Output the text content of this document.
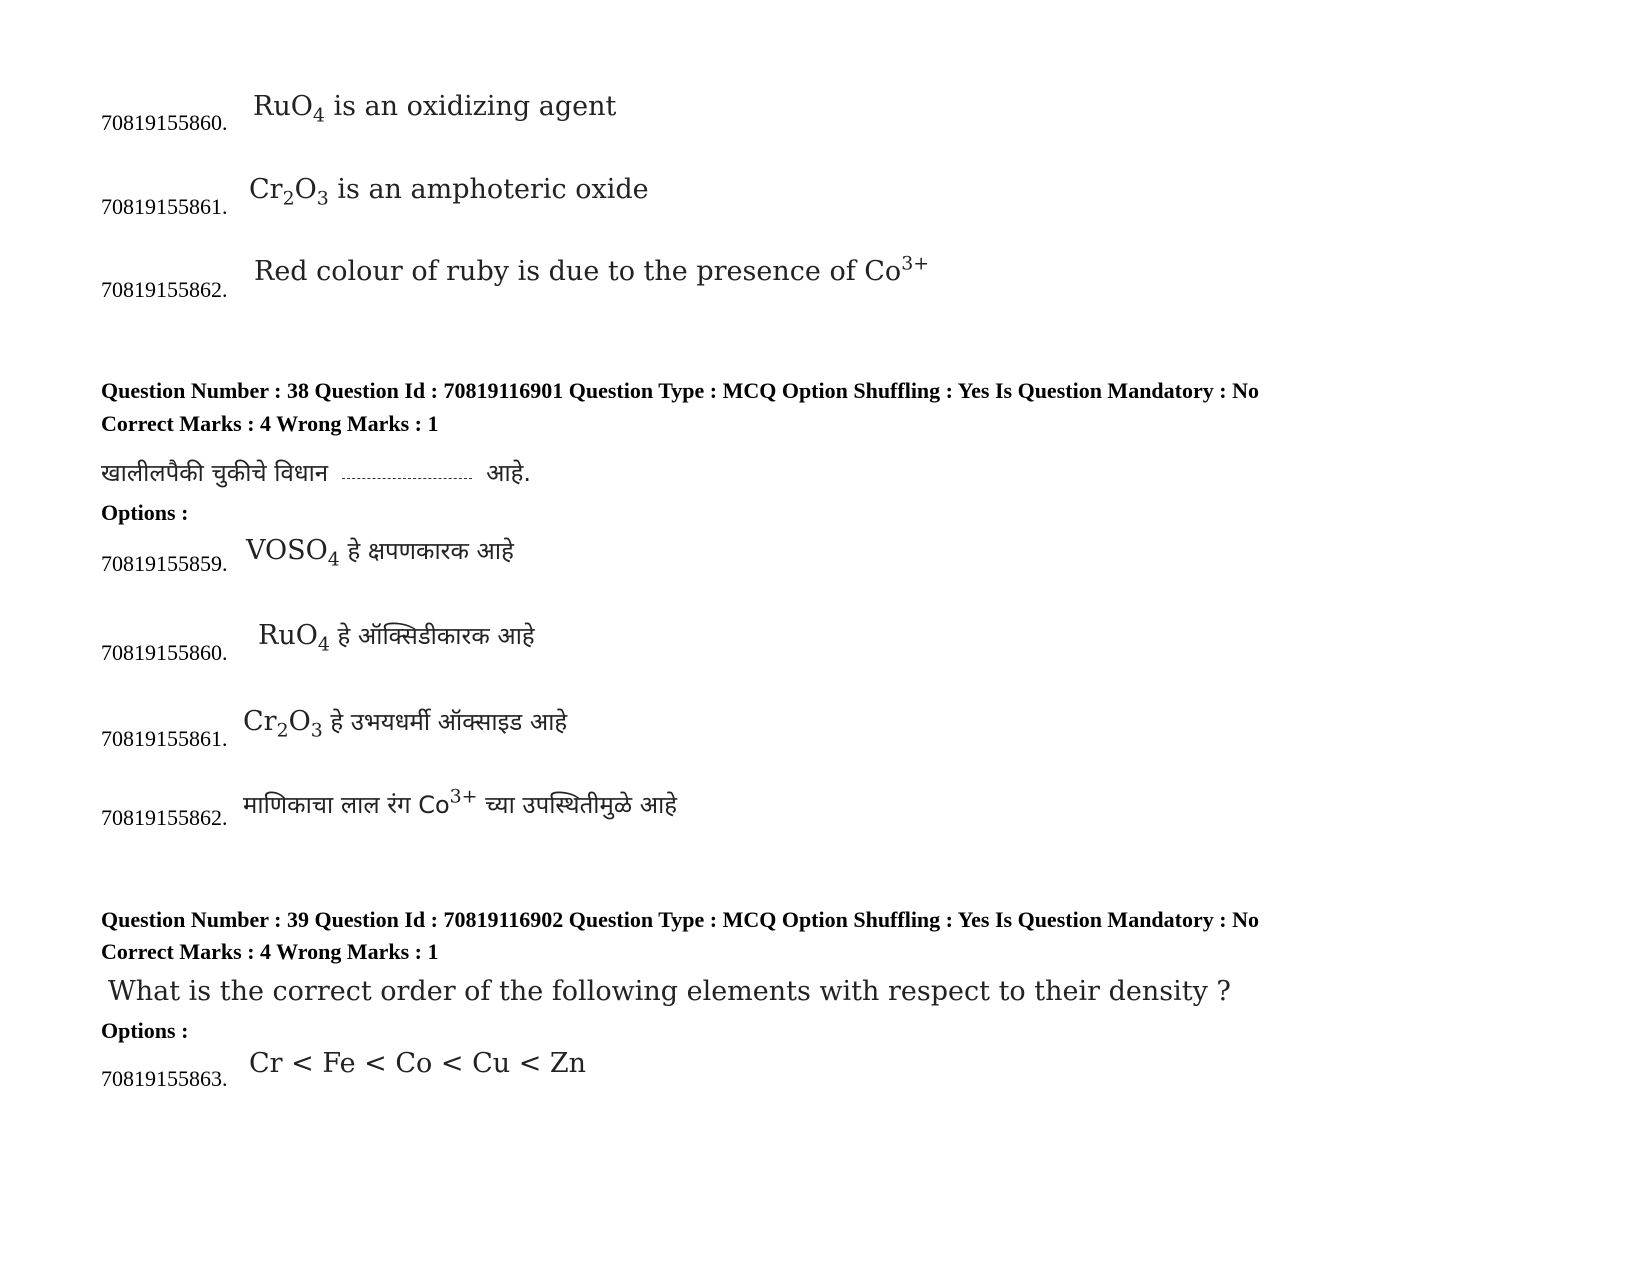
70819155860.
RuO$_4$ is an oxidizing agent
70819155861.
$Cr_2O_3$ is an amphoteric oxide
70819155862.
Red colour of ruby is due to the presence of $Co^{3+}$
Question Number : 38 Question Id : 70819116901 Question Type : MCQ Option Shuffling : Yes Is Question Mandatory : No
Correct Marks : 4 Wrong Marks : 1
खालीलपैकी चुकीचे विधान	आहे.
Options :
70819155859. $VOSO_4$ हे क्षपणकारक आहे
70819155860.
RuO$_4$ हे ऑक्सिडीकारक आहे
70819155861.
$Cr_2O_3$ हे उभयधर्मी ऑक्साइड आहे
70819155862. माणिकाचा लाल रंग $Co^{3+}$ च्या उपस्थितीमुळे आहे
Question Number : 39 Question Id : 70819116902 Question Type : MCQ Option Shuffling : Yes Is Question Mandatory : No
Correct Marks : 4 Wrong Marks : 1
What is the correct order of the following elements with respect to their density ?
Options :
70819155863. Cr < Fe < Co < Cu < Zn
